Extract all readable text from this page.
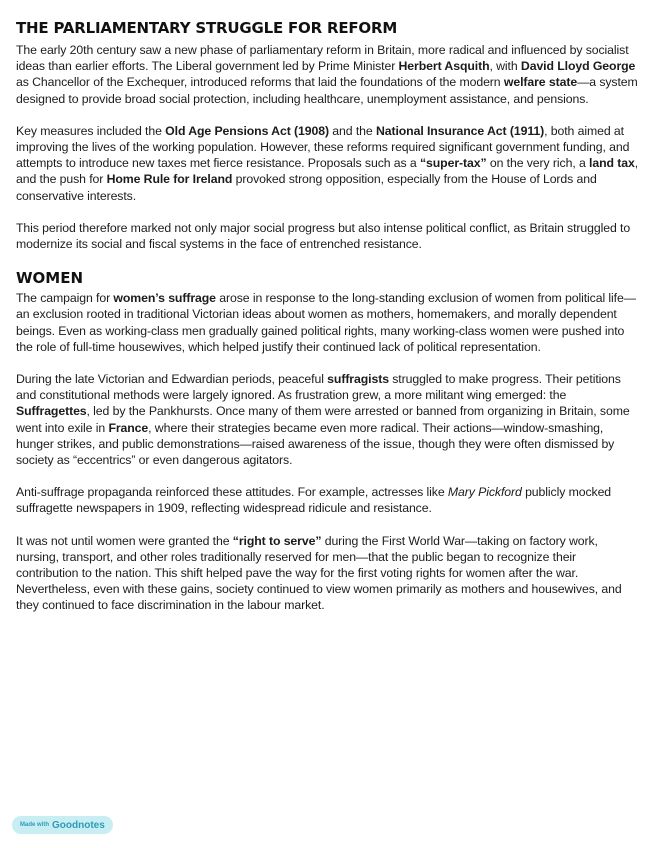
THE PARLIAMENTARY STRUGGLE FOR REFORM

The early 20th century saw a new phase of parliamentary reform in Britain, more radical and influenced by socialist ideas than earlier efforts. The Liberal government led by Prime Minister Herbert Asquith, with David Lloyd George as Chancellor of the Exchequer, introduced reforms that laid the foundations of the modern welfare state—a system designed to provide broad social protection, including healthcare, unemployment assistance, and pensions.

Key measures included the Old Age Pensions Act (1908) and the National Insurance Act (1911), both aimed at improving the lives of the working population. However, these reforms required significant government funding, and attempts to introduce new taxes met fierce resistance. Proposals such as a “super-tax” on the very rich, a land tax, and the push for Home Rule for Ireland provoked strong opposition, especially from the House of Lords and conservative interests.

This period therefore marked not only major social progress but also intense political conflict, as Britain struggled to modernize its social and fiscal systems in the face of entrenched resistance.

WOMEN

The campaign for women’s suffrage arose in response to the long-standing exclusion of women from political life—an exclusion rooted in traditional Victorian ideas about women as mothers, homemakers, and morally dependent beings. Even as working-class men gradually gained political rights, many working-class women were pushed into the role of full-time housewives, which helped justify their continued lack of political representation.

During the late Victorian and Edwardian periods, peaceful suffragists struggled to make progress. Their petitions and constitutional methods were largely ignored. As frustration grew, a more militant wing emerged: the Suffragettes, led by the Pankhursts. Once many of them were arrested or banned from organizing in Britain, some went into exile in France, where their strategies became even more radical. Their actions—window-smashing, hunger strikes, and public demonstrations—raised awareness of the issue, though they were often dismissed by society as “eccentrics” or even dangerous agitators.

Anti-suffrage propaganda reinforced these attitudes. For example, actresses like Mary Pickford publicly mocked suffragette newspapers in 1909, reflecting widespread ridicule and resistance.

It was not until women were granted the “right to serve” during the First World War—taking on factory work, nursing, transport, and other roles traditionally reserved for men—that the public began to recognize their contribution to the nation. This shift helped pave the way for the first voting rights for women after the war. Nevertheless, even with these gains, society continued to view women primarily as mothers and housewives, and they continued to face discrimination in the labour market.

Made with Goodnotes
